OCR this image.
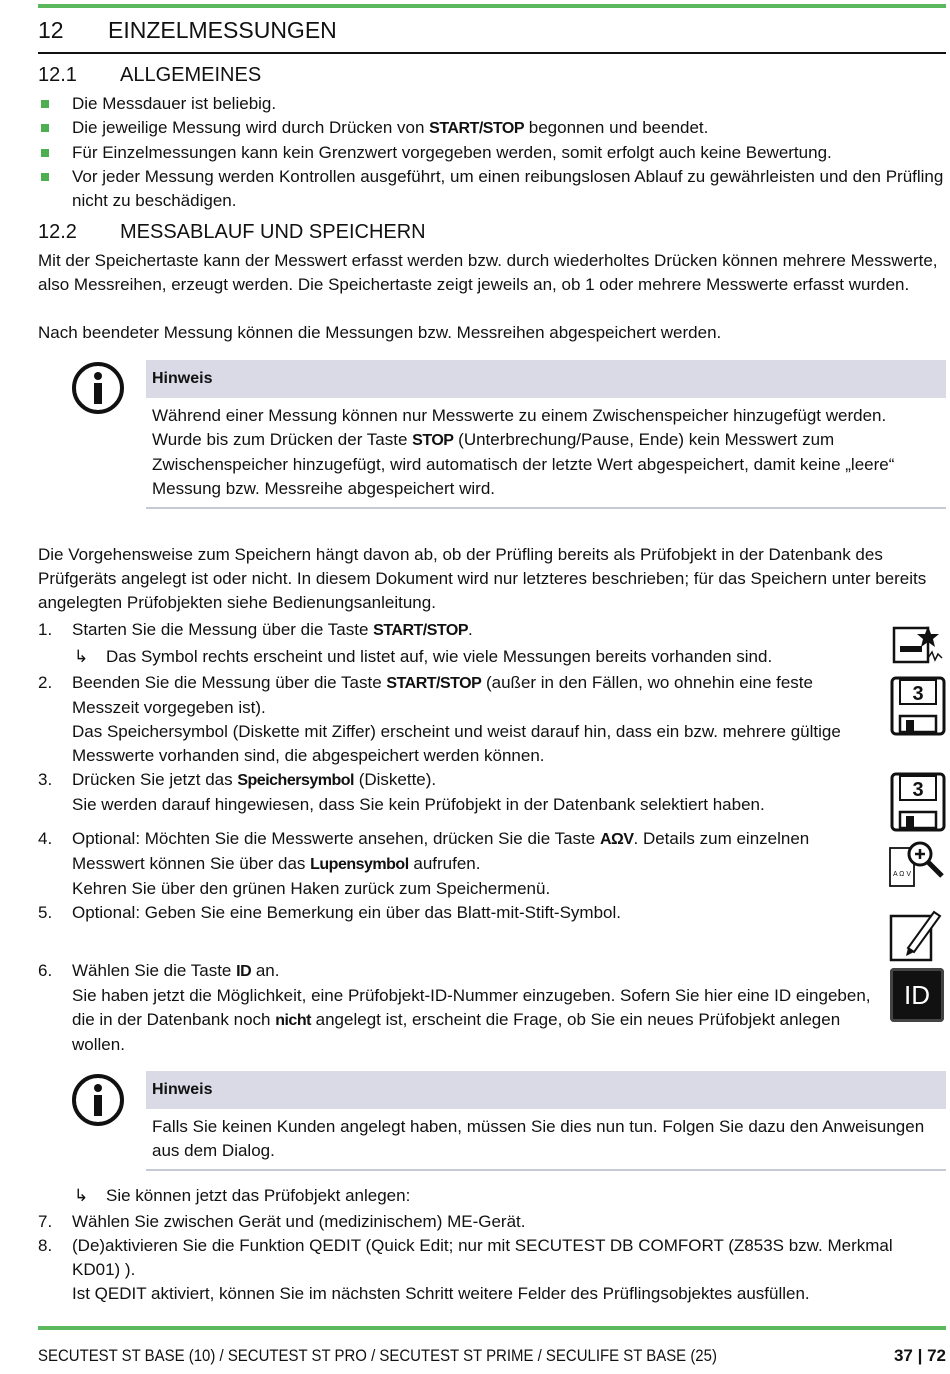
12 EINZELMESSUNGEN
12.1 ALLGEMEINES
Die Messdauer ist beliebig.
Die jeweilige Messung wird durch Drücken von START/STOP begonnen und beendet.
Für Einzelmessungen kann kein Grenzwert vorgegeben werden, somit erfolgt auch keine Bewertung.
Vor jeder Messung werden Kontrollen ausgeführt, um einen reibungslosen Ablauf zu gewährleisten und den Prüfling nicht zu beschädigen.
12.2 MESSABLAUF UND SPEICHERN

Mit der Speichertaste kann der Messwert erfasst werden bzw. durch wiederholtes Drücken können mehrere Messwerte, also Messreihen, erzeugt werden. Die Speichertaste zeigt jeweils an, ob 1 oder mehrere Messwerte erfasst wurden.

Nach beendeter Messung können die Messungen bzw. Messreihen abgespeichert werden.

Hinweis
Während einer Messung können nur Messwerte zu einem Zwischenspeicher hinzugefügt werden.
Wurde bis zum Drücken der Taste STOP (Unterbrechung/Pause, Ende) kein Messwert zum Zwischenspeicher hinzugefügt, wird automatisch der letzte Wert abgespeichert, damit keine „leere“ Messung bzw. Messreihe abgespeichert wird.

Die Vorgehensweise zum Speichern hängt davon ab, ob der Prüfling bereits als Prüfobjekt in der Datenbank des Prüfgeräts angelegt ist oder nicht. In diesem Dokument wird nur letzteres beschrieben; für das Speichern unter bereits angelegten Prüfobjekten siehe Bedienungsanleitung.

1. Starten Sie die Messung über die Taste START/STOP.
↳ Das Symbol rechts erscheint und listet auf, wie viele Messungen bereits vorhanden sind.
2. Beenden Sie die Messung über die Taste START/STOP (außer in den Fällen, wo ohnehin eine feste Messzeit vorgegeben ist).
Das Speichersymbol (Diskette mit Ziffer) erscheint und weist darauf hin, dass ein bzw. mehrere gültige Messwerte vorhanden sind, die abgespeichert werden können.
3. Drücken Sie jetzt das Speichersymbol (Diskette).
Sie werden darauf hingewiesen, dass Sie kein Prüfobjekt in der Datenbank selektiert haben.
4. Optional: Möchten Sie die Messwerte ansehen, drücken Sie die Taste AΩV. Details zum einzelnen Messwert können Sie über das Lupensymbol aufrufen.
Kehren Sie über den grünen Haken zurück zum Speichermenü.
5. Optional: Geben Sie eine Bemerkung ein über das Blatt-mit-Stift-Symbol.
6. Wählen Sie die Taste ID an.
Sie haben jetzt die Möglichkeit, eine Prüfobjekt-ID-Nummer einzugeben. Sofern Sie hier eine ID eingeben, die in der Datenbank noch nicht angelegt ist, erscheint die Frage, ob Sie ein neues Prüfobjekt anlegen wollen.
Hinweis
Falls Sie keinen Kunden angelegt haben, müssen Sie dies nun tun. Folgen Sie dazu den Anweisungen aus dem Dialog.
↳ Sie können jetzt das Prüfobjekt anlegen:
7. Wählen Sie zwischen Gerät und (medizinischem) ME-Gerät.
8. (De)aktivieren Sie die Funktion QEDIT (Quick Edit; nur mit SECUTEST DB COMFORT (Z853S bzw. Merkmal KD01) ).
Ist QEDIT aktiviert, können Sie im nächsten Schritt weitere Felder des Prüflingsobjektes ausfüllen.
3
3
A Ω V
ID
SECUTEST ST BASE (10) / SECUTEST ST PRO / SECUTEST ST PRIME / SECULIFE ST BASE (25)	37 | 72
